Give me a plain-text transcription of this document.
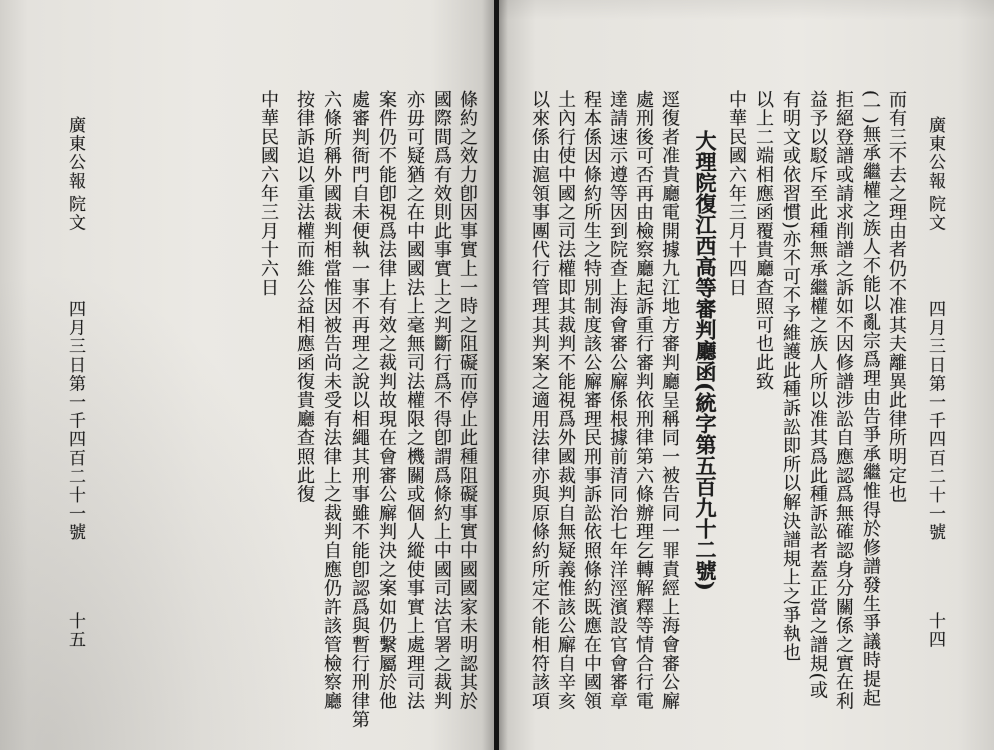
廣東公報
院文
四月三日第一千四百二十一號
十五	條約之效力卽因事實上一時之阻礙而停止此種阻礙事實中國國家未明認其於
國際間爲有效則此事實上之判斷行爲不得卽謂爲條約上中國司法官署之裁判
亦毋可疑猶之在中國國法上毫無司法權限之機關或個人縱使事實上處理司法
案件仍不能卽視爲法律上有效之裁判故現在會審公廨判決之案如仍繫屬於他
處審判衙門自未便執一事不再理之說以相繩其刑事雖不能卽認爲與暫行刑律第
六條所稱外國裁判相當惟因被告尚未受有法律上之裁判自應仍許該管檢察廳
按律訴追以重法權而維公益相應函復貴廳查照此復
中華民國六年三月十六日	廣東公報
院文
四月三日第一千四百二十一號
十四
而有三不去之理由者仍不准其夫離異此律所明定也
(一)無承繼權之族人不能以亂宗爲理由告爭承繼惟得於修譜發生爭議時提起
拒絕登譜或請求削譜之訴如不因修譜涉訟自應認爲無確認身分關係之實在利
益予以駁斥至此種無承繼權之族人所以准其爲此種訴訟者蓋正當之譜規(或
有明文或依習慣)亦不可不予維護此種訴訟即所以解決譜規上之爭執也
以上二端相應函覆貴廳查照可也此致
中華民國六年三月十四日
大理院復江西高等審判廳函(統字第五百九十二號)
逕復者准貴廳電開據九江地方審判廳呈稱同一被告同一罪責經上海會審公廨
處刑後可否再由檢察廳起訴重行審判依刑律第六條辦理乞轉解釋等情合行電
達請速示遵等因到院查上海會審公廨係根據前清同治七年洋涇濱設官會審章
程本係因條約所生之特別制度該公廨審理民刑事訴訟依照條約既應在中國領
土內行使中國之司法權即其裁判不能視爲外國裁判自無疑義惟該公廨自辛亥
以來係由滬領事團代行管理其判案之適用法律亦與原條約所定不能相符該項
